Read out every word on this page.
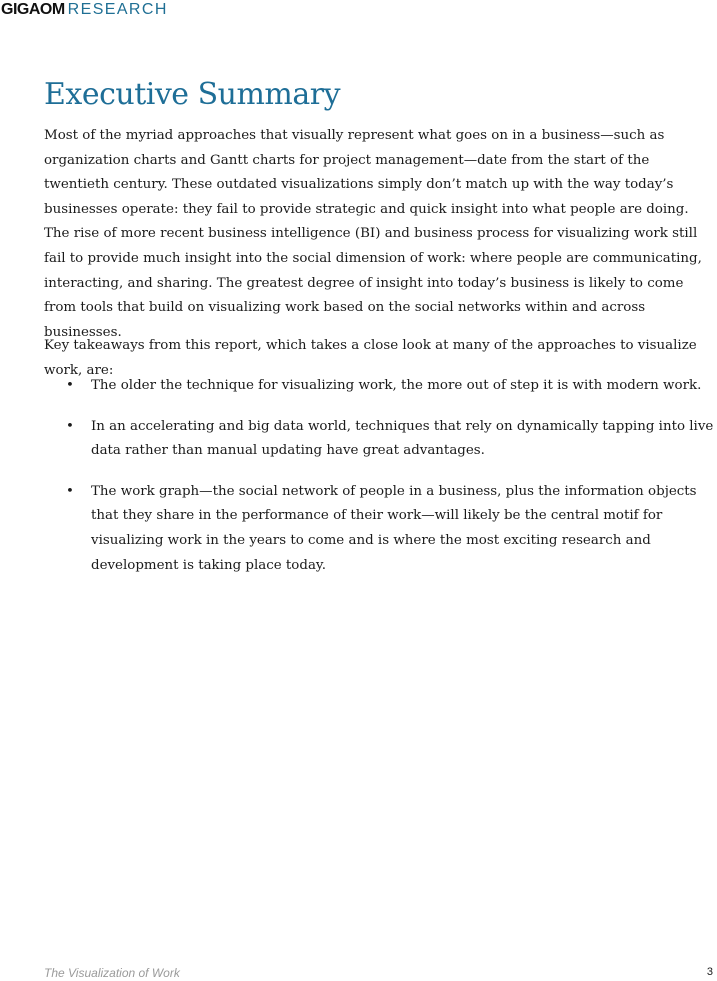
GIGAOM RESEARCH
Executive Summary

Most of the myriad approaches that visually represent what goes on in a business—such as organization charts and Gantt charts for project management—date from the start of the twentieth century. These outdated visualizations simply don’t match up with the way today’s businesses operate: they fail to provide strategic and quick insight into what people are doing. The rise of more recent business intelligence (BI) and business process for visualizing work still fail to provide much insight into the social dimension of work: where people are communicating, interacting, and sharing. The greatest degree of insight into today’s business is likely to come from tools that build on visualizing work based on the social networks within and across businesses.

Key takeaways from this report, which takes a close look at many of the approaches to visualize work, are:

• The older the technique for visualizing work, the more out of step it is with modern work.
• In an accelerating and big data world, techniques that rely on dynamically tapping into live data rather than manual updating have great advantages.
• The work graph—the social network of people in a business, plus the information objects that they share in the performance of their work—will likely be the central motif for visualizing work in the years to come and is where the most exciting research and development is taking place today.
The Visualization of Work	3
